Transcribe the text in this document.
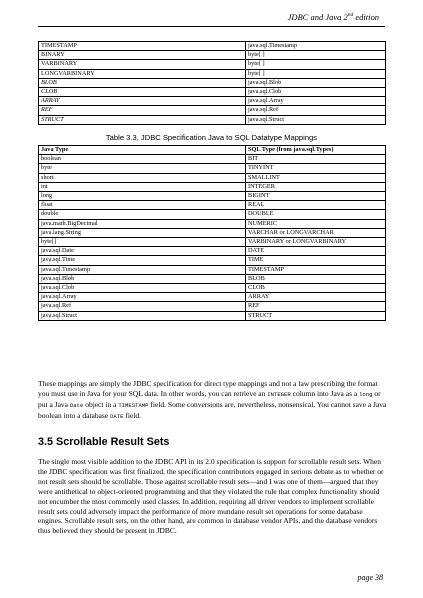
JDBC and Java 2nd edition
TIMESTAMP	java.sql.Timestamp
BINARY	byte[ ]
VARBINARY	byte[ ]
LONGVARBINARY	byte[ ]
BLOB	java.sql.Blob
CLOB	java.sql.Clob
ARRAY	java.sql.Array
REF	java.sql.Ref
STRUCT	java.sql.Struct
Table 3.3, JDBC Specification Java to SQL Datatype Mappings
Java Type	SQL Type (from java.sql.Types)
boolean	BIT
byte	TINYINT
short	SMALLINT
int	INTEGER
long	BIGINT
float	REAL
double	DOUBLE
java.math.BigDecimal	NUMERIC
java.lang.String	VARCHAR or LONGVARCHAR
byte[]	VARBINARY or LONGVARBINARY
java.sql.Date	DATE
java.sql.Time	TIME
java.sql.Timestamp	TIMESTAMP
java.sql.Blob	BLOB
java.sql.Clob	CLOB
java.sql.Array	ARRAY
java.sql.Ref	REF
java.sql.Struct	STRUCT

These mappings are simply the JDBC specification for direct type mappings and not a law prescribing the format you must use in Java for your SQL data. In other words, you can retrieve an INTEGER column into Java as a long or put a Java Date object in a TIMESTAMP field. Some conversions are, nevertheless, nonsensical. You cannot save a Java boolean into a database DATE field.

3.5 Scrollable Result Sets

The single most visible addition to the JDBC API in its 2.0 specification is support for scrollable result sets. When the JDBC specification was first finalized, the specification contributors engaged in serious debate as to whether or not result sets should be scrollable. Those against scrollable result sets—and I was one of them—argued that they were antithetical to object-oriented programming and that they violated the rule that complex functionality should not encumber the most commonly used classes. In addition, requiring all driver vendors to implement scrollable result sets could adversely impact the performance of more mundane result set operations for some database engines. Scrollable result sets, on the other hand, are common in database vendor APIs, and the database vendors thus believed they should be present in JDBC.

page 38
